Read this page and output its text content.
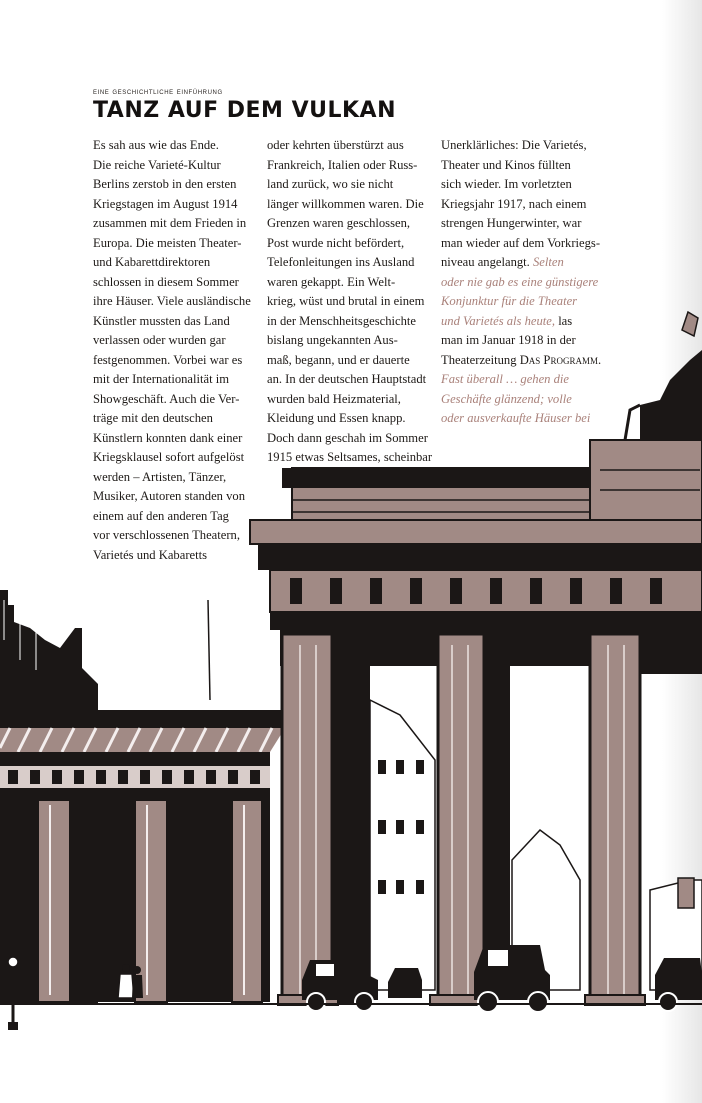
eine geschichtliche einführung
TANZ AUF DEM VULKAN
Es sah aus wie das Ende.
Die reiche Varieté-Kultur
Berlins zerstob in den ersten
Kriegstagen im August 1914
zusammen mit dem Frieden in
Europa. Die meisten Theater-
und Kabarettdirektoren
schlossen in diesem Sommer
ihre Häuser. Viele ausländische
Künstler mussten das Land
verlassen oder wurden gar
festgenommen. Vorbei war es
mit der Internationalität im
Showgeschäft. Auch die Ver-
träge mit den deutschen
Künstlern konnten dank einer
Kriegsklausel sofort aufgelöst
werden – Artisten, Tänzer,
Musiker, Autoren standen von
einem auf den anderen Tag
vor verschlossenen Theatern,
Varietés und Kabaretts
oder kehrten überstürzt aus
Frankreich, Italien oder Russ-
land zurück, wo sie nicht
länger willkommen waren. Die
Grenzen waren geschlossen,
Post wurde nicht befördert,
Telefonleitungen ins Ausland
waren gekappt. Ein Welt-
krieg, wüst und brutal in einem
in der Menschheitsgeschichte
bislang ungekannten Aus-
maß, begann, und er dauerte
an. In der deutschen Hauptstadt
wurden bald Heizmaterial,
Kleidung und Essen knapp.
Doch dann geschah im Sommer
1915 etwas Seltsames, scheinbar
Unerklärliches: Die Varietés,
Theater und Kinos füllten
sich wieder. Im vorletzten
Kriegsjahr 1917, nach einem
strengen Hungerwinter, war
man wieder auf dem Vorkriegs-
niveau angelangt. Selten
oder nie gab es eine günstigere
Konjunktur für die Theater
und Varietés als heute, las
man im Januar 1918 in der
Theaterzeitung Das Programm.
Fast überall … gehen die
Geschäfte glänzend; volle
oder ausverkaufte Häuser bei
